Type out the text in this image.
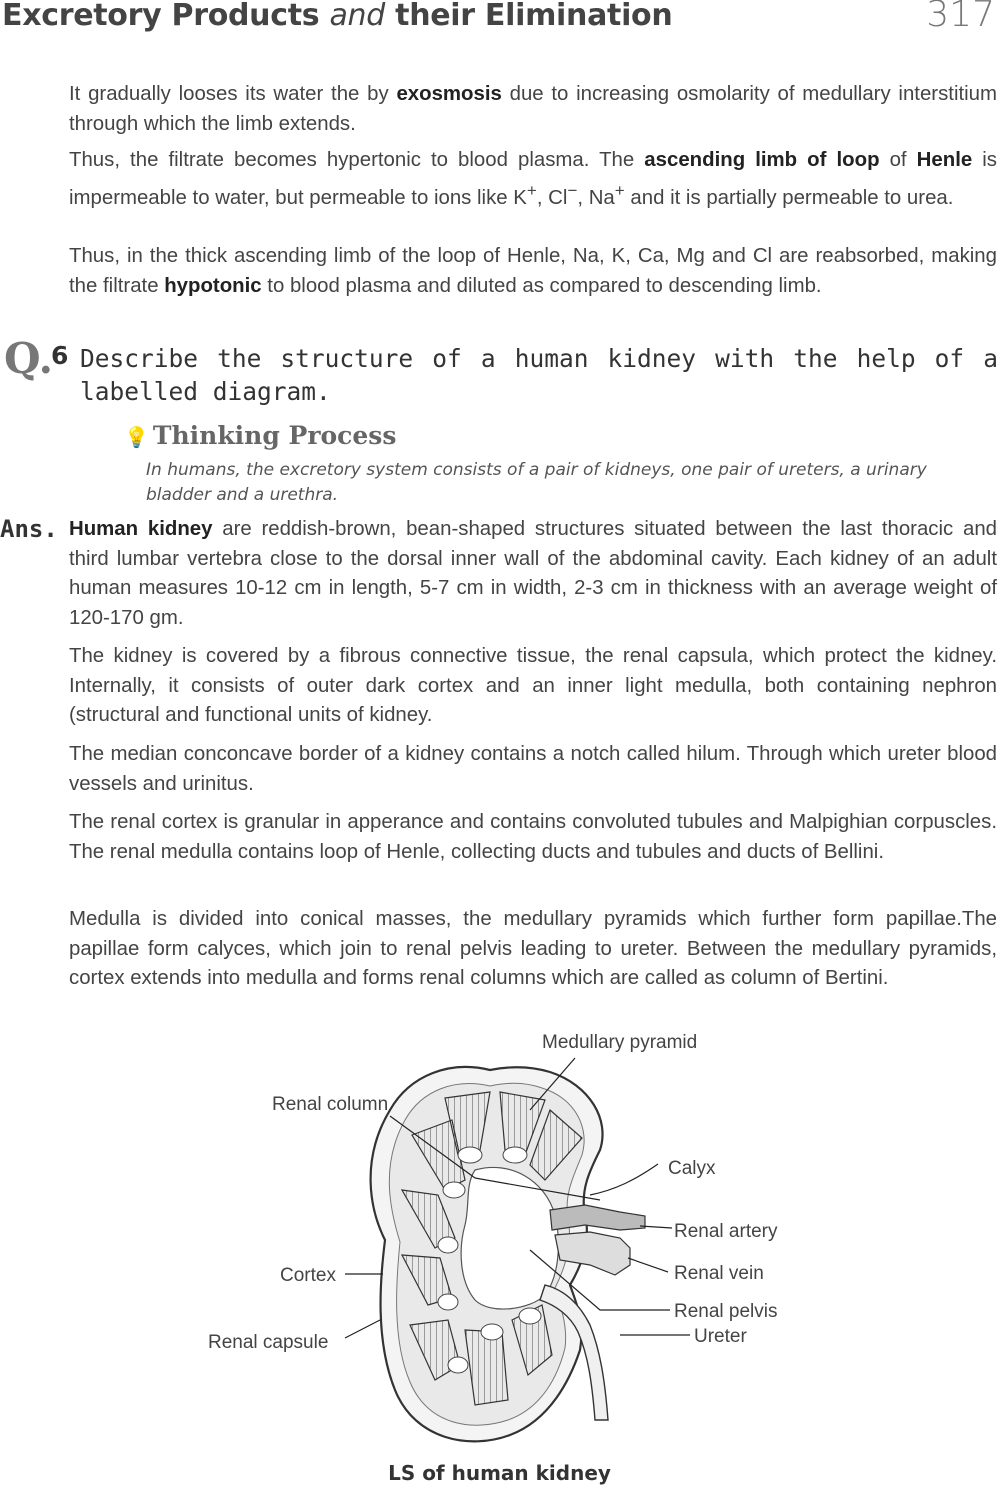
Excretory Products and their Elimination	317

It gradually looses its water the by exosmosis due to increasing osmolarity of medullary interstitium through which the limb extends.

Thus, the filtrate becomes hypertonic to blood plasma. The ascending limb of loop of Henle is impermeable to water, but permeable to ions like K+, Cl−, Na+ and it is partially permeable to urea.

Thus, in the thick ascending limb of the loop of Henle, Na, K, Ca, Mg and Cl are reabsorbed, making the filtrate hypotonic to blood plasma and diluted as compared to descending limb.

Q.
6 Describe the structure of a human kidney with the help of a labelled diagram.

💡 Thinking Process

In humans, the excretory system consists of a pair of kidneys, one pair of ureters, a urinary bladder and a urethra.

Ans. Human kidney are reddish-brown, bean-shaped structures situated between the last thoracic and third lumbar vertebra close to the dorsal inner wall of the abdominal cavity. Each kidney of an adult human measures 10-12 cm in length, 5-7 cm in width, 2-3 cm in thickness with an average weight of 120-170 gm.

The kidney is covered by a fibrous connective tissue, the renal capsula, which protect the kidney. Internally, it consists of outer dark cortex and an inner light medulla, both containing nephron (structural and functional units of kidney.

The median conconcave border of a kidney contains a notch called hilum. Through which ureter blood vessels and urinitus.

The renal cortex is granular in apperance and contains convoluted tubules and Malpighian corpuscles. The renal medulla contains loop of Henle, collecting ducts and tubules and ducts of Bellini.

Medulla is divided into conical masses, the medullary pyramids which further form papillae.The papillae form calyces, which join to renal pelvis leading to ureter. Between the medullary pyramids, cortex extends into medulla and forms renal columns which are called as column of Bertini.

Medullary pyramid
Renal column
Calyx
Renal artery
Cortex	Renal vein
Renal pelvis
Renal capsule	Ureter
LS of human kidney
